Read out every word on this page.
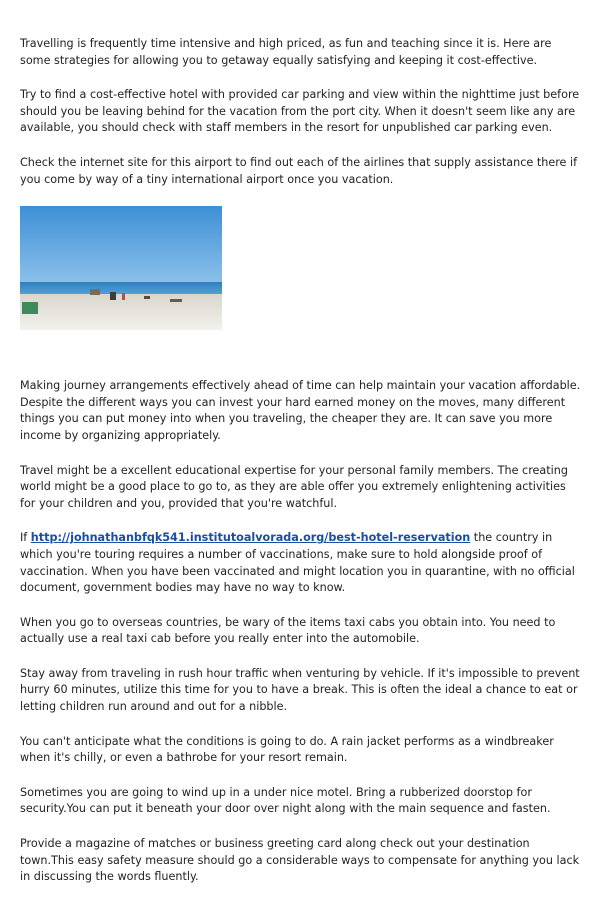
Travelling is frequently time intensive and high priced, as fun and teaching since it is. Here are some strategies for allowing you to getaway equally satisfying and keeping it cost-effective.

Try to find a cost-effective hotel with provided car parking and view within the nighttime just before should you be leaving behind for the vacation from the port city. When it doesn't seem like any are available, you should check with staff members in the resort for unpublished car parking even.

Check the internet site for this airport to find out each of the airlines that supply assistance there if you come by way of a tiny international airport once you vacation.

Making journey arrangements effectively ahead of time can help maintain your vacation affordable. Despite the different ways you can invest your hard earned money on the moves, many different things you can put money into when you traveling, the cheaper they are. It can save you more income by organizing appropriately.

Travel might be a excellent educational expertise for your personal family members. The creating world might be a good place to go to, as they are able offer you extremely enlightening activities for your children and you, provided that you're watchful.

If http://johnathanbfqk541.institutoalvorada.org/best-hotel-reservation the country in which you're touring requires a number of vaccinations, make sure to hold alongside proof of vaccination. When you have been vaccinated and might location you in quarantine, with no official document, government bodies may have no way to know.

When you go to overseas countries, be wary of the items taxi cabs you obtain into. You need to actually use a real taxi cab before you really enter into the automobile.

Stay away from traveling in rush hour traffic when venturing by vehicle. If it's impossible to prevent hurry 60 minutes, utilize this time for you to have a break. This is often the ideal a chance to eat or letting children run around and out for a nibble.

You can't anticipate what the conditions is going to do. A rain jacket performs as a windbreaker when it's chilly, or even a bathrobe for your resort remain.

Sometimes you are going to wind up in a under nice motel. Bring a rubberized doorstop for security.You can put it beneath your door over night along with the main sequence and fasten.

Provide a magazine of matches or business greeting card along check out your destination town.This easy safety measure should go a considerable ways to compensate for anything you lack in discussing the words fluently.
